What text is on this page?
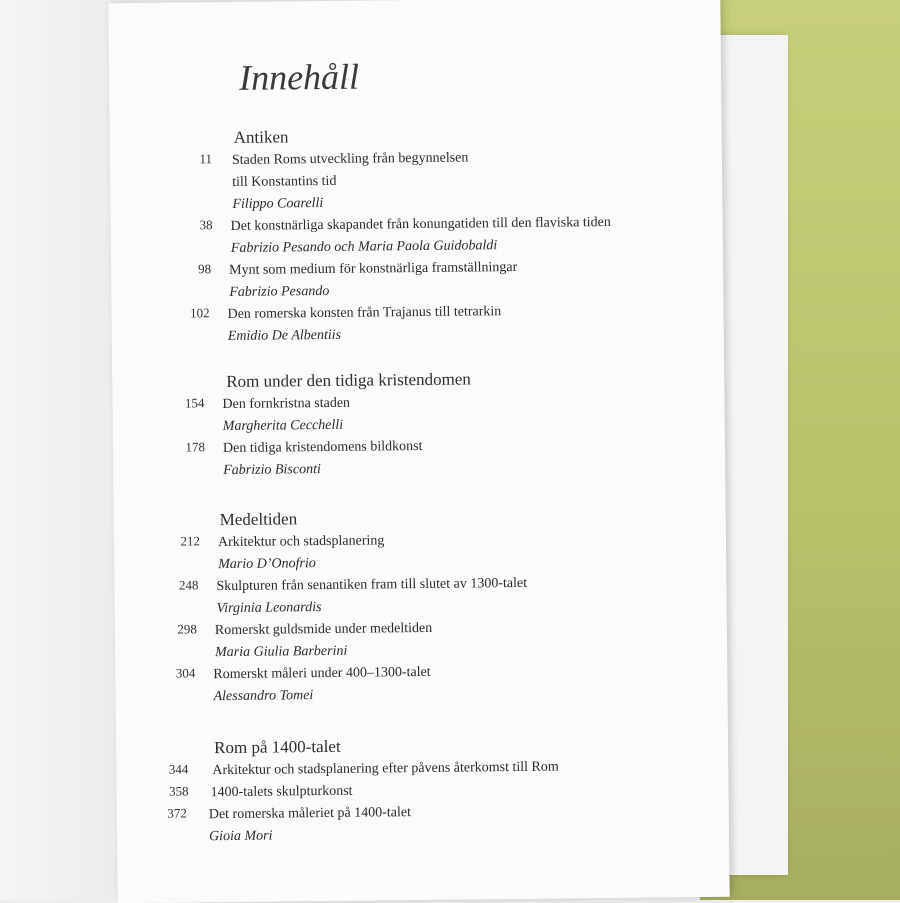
Innehåll
Antiken
11 Staden Roms utveckling från begynnelsen
till Konstantins tid
Filippo Coarelli
38 Det konstnärliga skapandet från konungatiden till den flaviska tiden
Fabrizio Pesando och Maria Paola Guidobaldi
98 Mynt som medium för konstnärliga framställningar
Fabrizio Pesando
102 Den romerska konsten från Trajanus till tetrarkin
Emidio De Albentiis
Rom under den tidiga kristendomen
154 Den fornkristna staden
Margherita Cecchelli
178 Den tidiga kristendomens bildkonst
Fabrizio Bisconti
Medeltiden
212 Arkitektur och stadsplanering
Mario D’Onofrio
248 Skulpturen från senantiken fram till slutet av 1300-talet
Virginia Leonardis
298 Romerskt guldsmide under medeltiden
Maria Giulia Barberini
304 Romerskt måleri under 400–1300-talet
Alessandro Tomei
Rom på 1400-talet
344 Arkitektur och stadsplanering efter påvens återkomst till Rom
358 1400-talets skulpturkonst
372 Det romerska måleriet på 1400-talet
Gioia Mori
